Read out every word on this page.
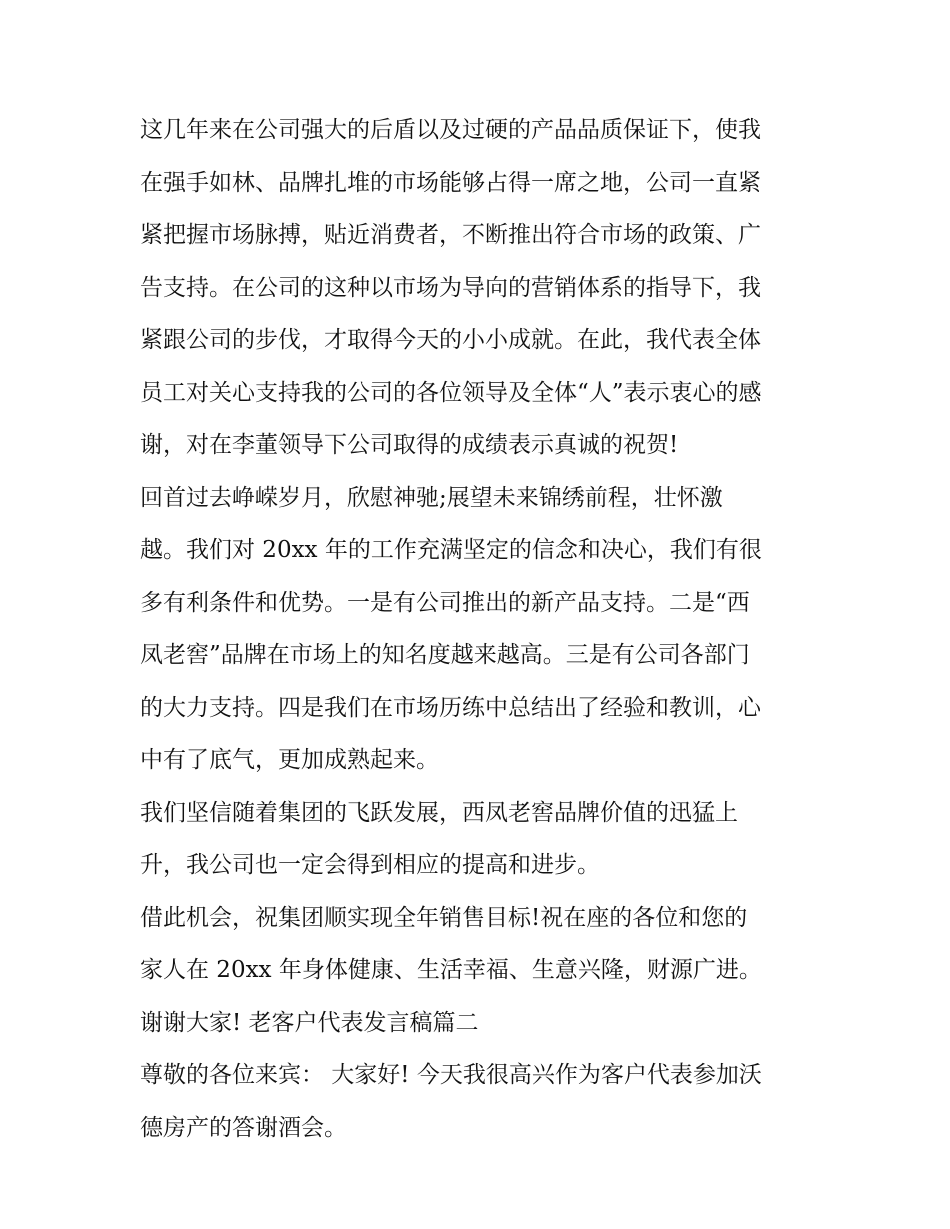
这几年来在公司强大的后盾以及过硬的产品品质保证下，使我
在强手如林、品牌扎堆的市场能够占得一席之地，公司一直紧
紧把握市场脉搏，贴近消费者，不断推出符合市场的政策、广
告支持。在公司的这种以市场为导向的营销体系的指导下，我
紧跟公司的步伐，才取得今天的小小成就。在此，我代表全体
员工对关心支持我的公司的各位领导及全体“人”表示衷心的感
谢，对在李董领导下公司取得的成绩表示真诚的祝贺!
回首过去峥嵘岁月，欣慰神驰;展望未来锦绣前程，壮怀激
越。我们对 20xx 年的工作充满坚定的信念和决心，我们有很
多有利条件和优势。一是有公司推出的新产品支持。二是“西
凤老窖”品牌在市场上的知名度越来越高。三是有公司各部门
的大力支持。四是我们在市场历练中总结出了经验和教训，心
中有了底气，更加成熟起来。
我们坚信随着集团的飞跃发展，西凤老窖品牌价值的迅猛上
升，我公司也一定会得到相应的提高和进步。
借此机会，祝集团顺实现全年销售目标!祝在座的各位和您的
家人在 20xx 年身体健康、生活幸福、生意兴隆，财源广进。
谢谢大家! 老客户代表发言稿篇二
尊敬的各位来宾： 大家好! 今天我很高兴作为客户代表参加沃
德房产的答谢酒会。
